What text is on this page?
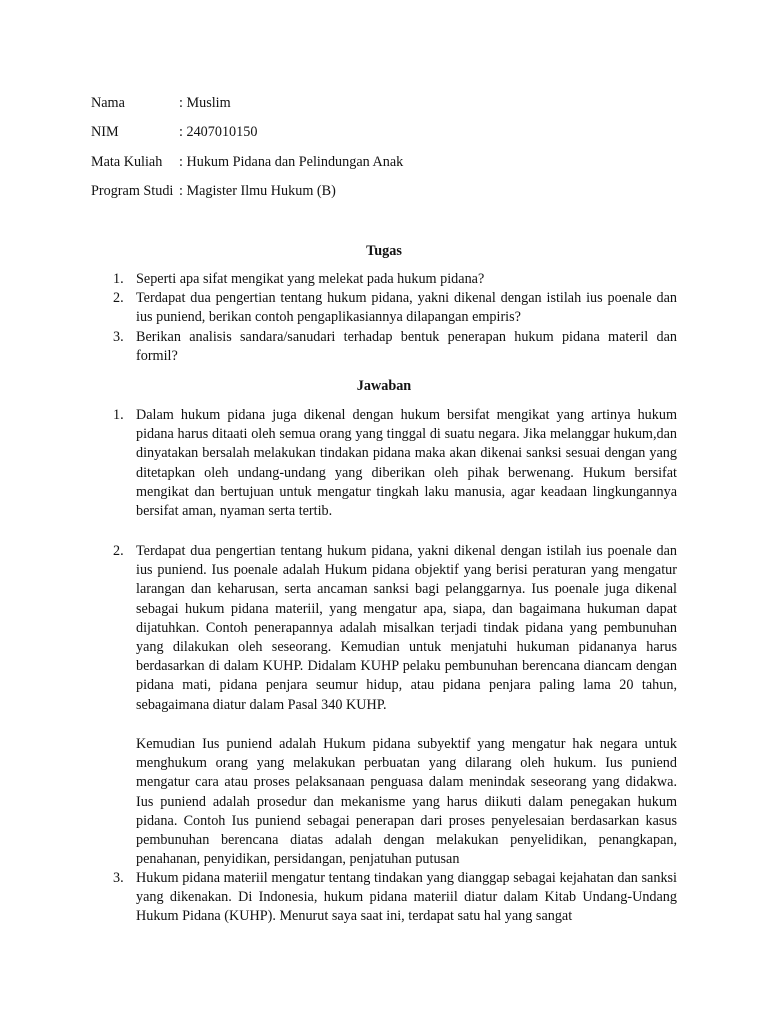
Nama	: Muslim
NIM	: 2407010150
Mata Kuliah : Hukum Pidana dan Pelindungan Anak
Program Studi : Magister Ilmu Hukum (B)
Tugas
1. Seperti apa sifat mengikat yang melekat pada hukum pidana?
2. Terdapat dua pengertian tentang hukum pidana, yakni dikenal dengan istilah ius poenale dan ius puniend, berikan contoh pengaplikasiannya dilapangan empiris?
3. Berikan analisis sandara/sanudari terhadap bentuk penerapan hukum pidana materil dan formil?
Jawaban
1. Dalam hukum pidana juga dikenal dengan hukum bersifat mengikat yang artinya hukum pidana harus ditaati oleh semua orang yang tinggal di suatu negara. Jika melanggar hukum,dan dinyatakan bersalah melakukan tindakan pidana maka akan dikenai sanksi sesuai dengan yang ditetapkan oleh undang-undang yang diberikan oleh pihak berwenang. Hukum bersifat mengikat dan bertujuan untuk mengatur tingkah laku manusia, agar keadaan lingkungannya bersifat aman, nyaman serta tertib.
2. Terdapat dua pengertian tentang hukum pidana, yakni dikenal dengan istilah ius poenale dan ius puniend. Ius poenale adalah Hukum pidana objektif yang berisi peraturan yang mengatur larangan dan keharusan, serta ancaman sanksi bagi pelanggarnya. Ius poenale juga dikenal sebagai hukum pidana materiil, yang mengatur apa, siapa, dan bagaimana hukuman dapat dijatuhkan. Contoh penerapannya adalah misalkan terjadi tindak pidana yang pembunuhan yang dilakukan oleh seseorang. Kemudian untuk menjatuhi hukuman pidananya harus berdasarkan di dalam KUHP. Didalam KUHP pelaku pembunuhan berencana diancam dengan pidana mati, pidana penjara seumur hidup, atau pidana penjara paling lama 20 tahun, sebagaimana diatur dalam Pasal 340 KUHP.

Kemudian Ius puniend adalah Hukum pidana subyektif yang mengatur hak negara untuk menghukum orang yang melakukan perbuatan yang dilarang oleh hukum. Ius puniend mengatur cara atau proses pelaksanaan penguasa dalam menindak seseorang yang didakwa. Ius puniend adalah prosedur dan mekanisme yang harus diikuti dalam penegakan hukum pidana. Contoh Ius puniend sebagai penerapan dari proses penyelesaian berdasarkan kasus pembunuhan berencana diatas adalah dengan melakukan penyelidikan, penangkapan, penahanan, penyidikan, persidangan, penjatuhan putusan

3. Hukum pidana materiil mengatur tentang tindakan yang dianggap sebagai kejahatan dan sanksi yang dikenakan. Di Indonesia, hukum pidana materiil diatur dalam Kitab Undang-Undang Hukum Pidana (KUHP). Menurut saya saat ini, terdapat satu hal yang sangat
